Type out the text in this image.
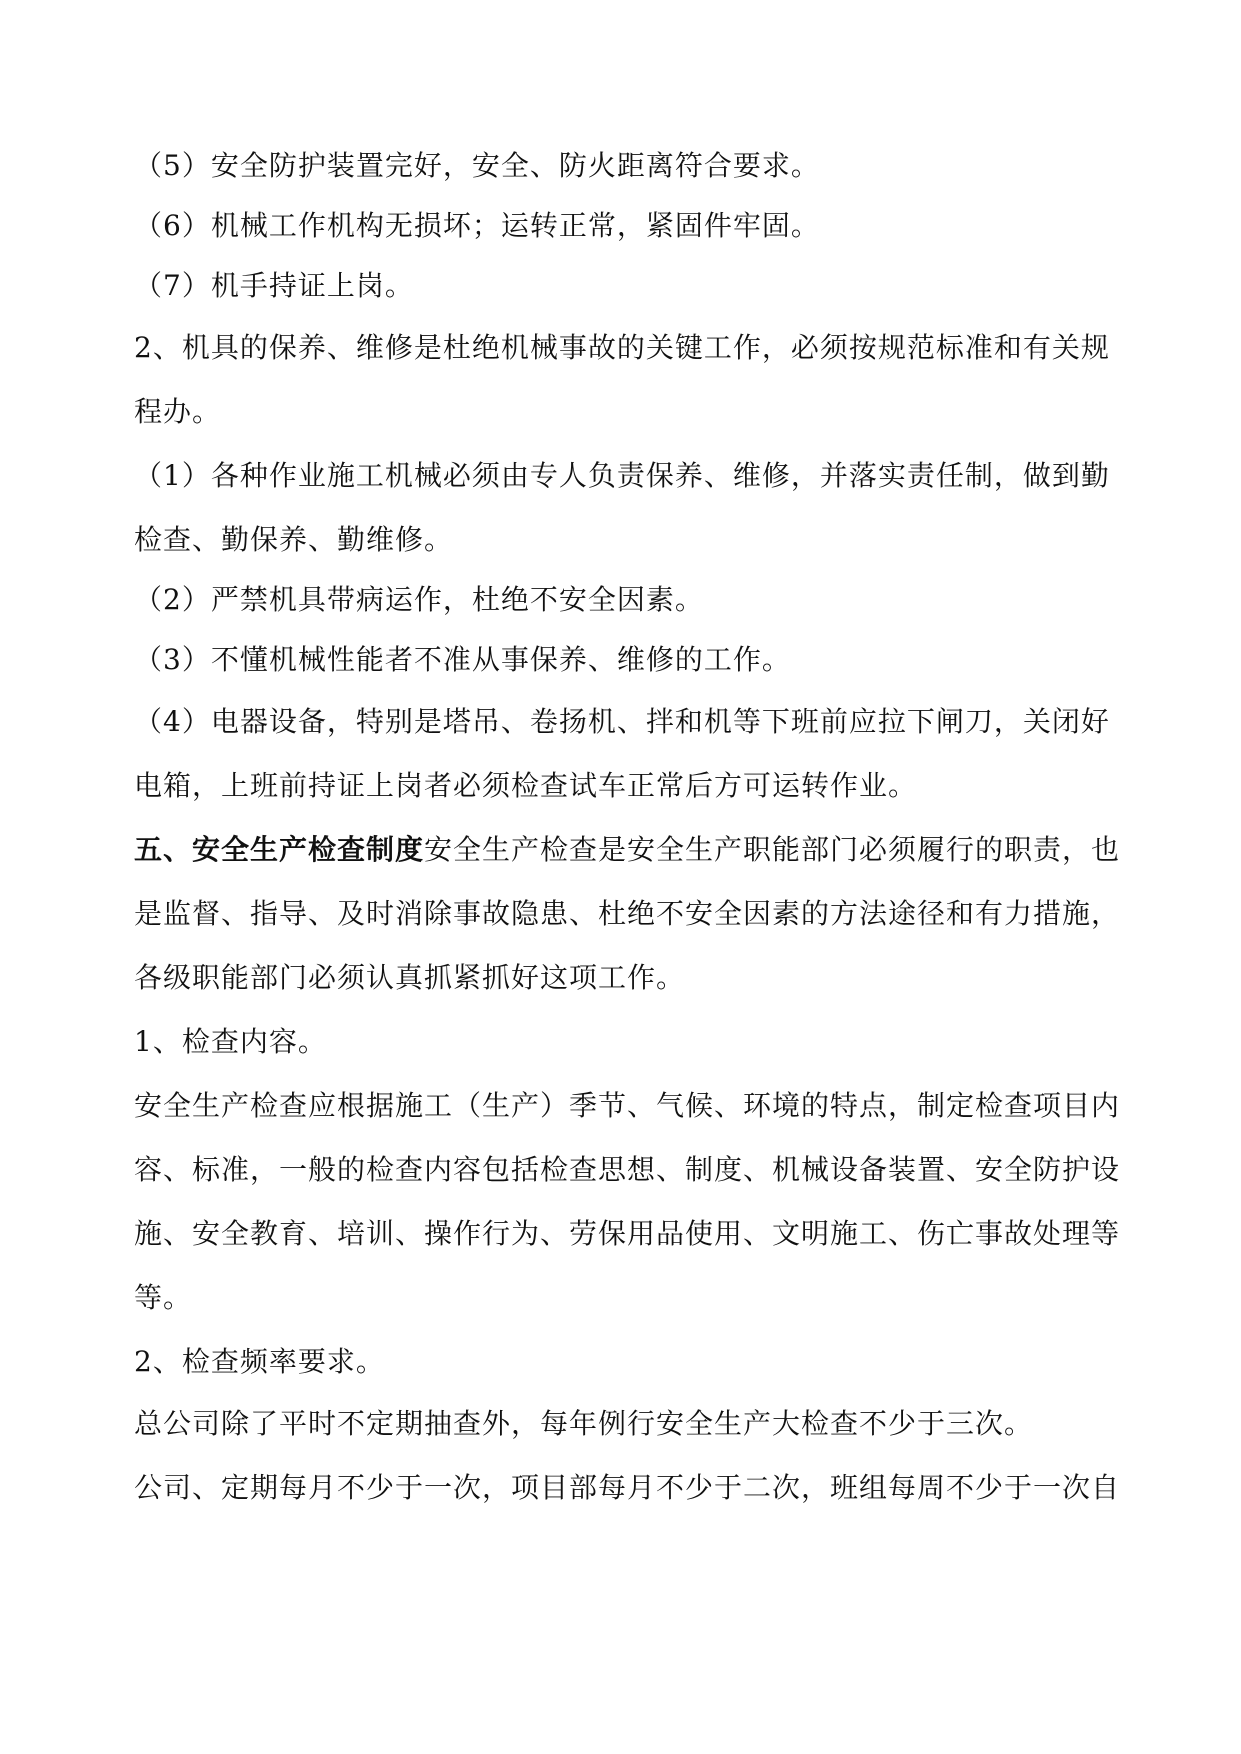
（5）安全防护装置完好，安全、防火距离符合要求。
（6）机械工作机构无损坏；运转正常，紧固件牢固。
（7）机手持证上岗。
2、机具的保养、维修是杜绝机械事故的关键工作，必须按规范标准和有关规
程办。
（1）各种作业施工机械必须由专人负责保养、维修，并落实责任制，做到勤
检查、勤保养、勤维修。
（2）严禁机具带病运作，杜绝不安全因素。
（3）不懂机械性能者不准从事保养、维修的工作。
（4）电器设备，特别是塔吊、卷扬机、拌和机等下班前应拉下闸刀，关闭好
电箱，上班前持证上岗者必须检查试车正常后方可运转作业。
五、安全生产检查制度安全生产检查是安全生产职能部门必须履行的职责，也
是监督、指导、及时消除事故隐患、杜绝不安全因素的方法途径和有力措施，
各级职能部门必须认真抓紧抓好这项工作。
1、检查内容。
安全生产检查应根据施工（生产）季节、气候、环境的特点，制定检查项目内
容、标准，一般的检查内容包括检查思想、制度、机械设备装置、安全防护设
施、安全教育、培训、操作行为、劳保用品使用、文明施工、伤亡事故处理等
等。
2、检查频率要求。
总公司除了平时不定期抽查外，每年例行安全生产大检查不少于三次。
公司、定期每月不少于一次，项目部每月不少于二次，班组每周不少于一次自
